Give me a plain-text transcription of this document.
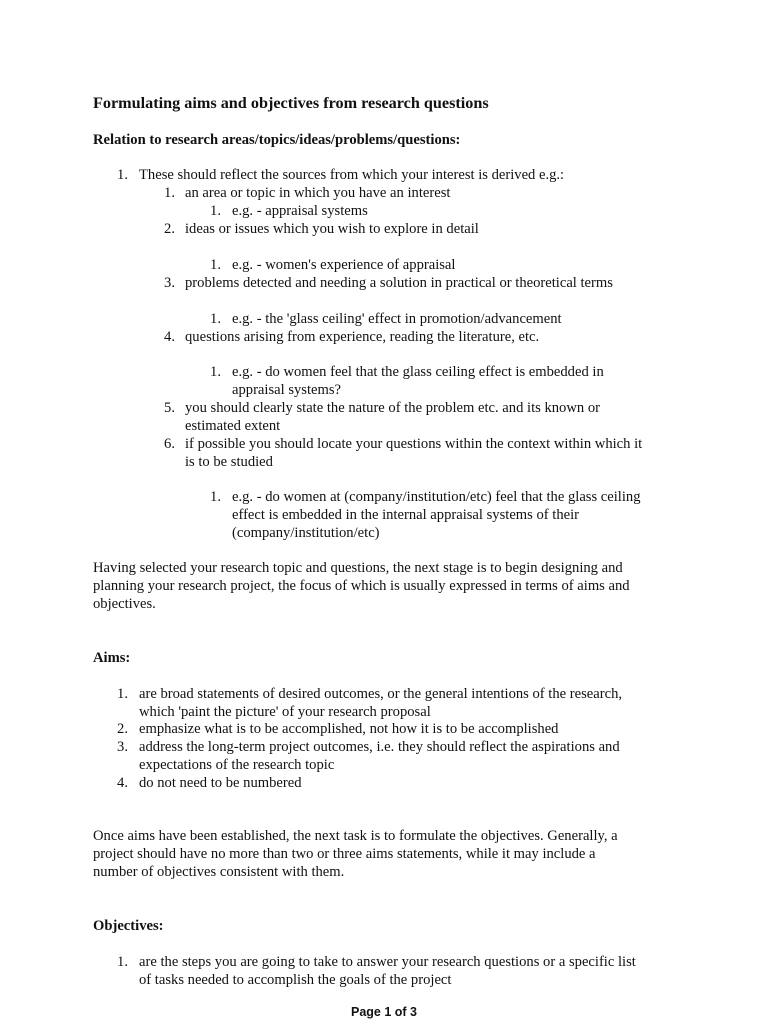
Formulating aims and objectives from research questions
Relation to research areas/topics/ideas/problems/questions:
1. These should reflect the sources from which your interest is derived e.g.:
1. an area or topic in which you have an interest
1. e.g. - appraisal systems
2. ideas or issues which you wish to explore in detail
1. e.g. - women's experience of appraisal
3. problems detected and needing a solution in practical or theoretical terms
1. e.g. - the 'glass ceiling' effect in promotion/advancement
4. questions arising from experience, reading the literature, etc.
1. e.g. - do women feel that the glass ceiling effect is embedded in
appraisal systems?
5. you should clearly state the nature of the problem etc. and its known or
estimated extent
6. if possible you should locate your questions within the context within which it
is to be studied
1. e.g. - do women at (company/institution/etc) feel that the glass ceiling
effect is embedded in the internal appraisal systems of their
(company/institution/etc)
Having selected your research topic and questions, the next stage is to begin designing and
planning your research project, the focus of which is usually expressed in terms of aims and
objectives.
Aims:
1. are broad statements of desired outcomes, or the general intentions of the research,
which 'paint the picture' of your research proposal
2. emphasize what is to be accomplished, not how it is to be accomplished
3. address the long-term project outcomes, i.e. they should reflect the aspirations and
expectations of the research topic
4. do not need to be numbered
Once aims have been established, the next task is to formulate the objectives. Generally, a
project should have no more than two or three aims statements, while it may include a
number of objectives consistent with them.
Objectives:
1. are the steps you are going to take to answer your research questions or a specific list
of tasks needed to accomplish the goals of the project
Page 1 of 3
